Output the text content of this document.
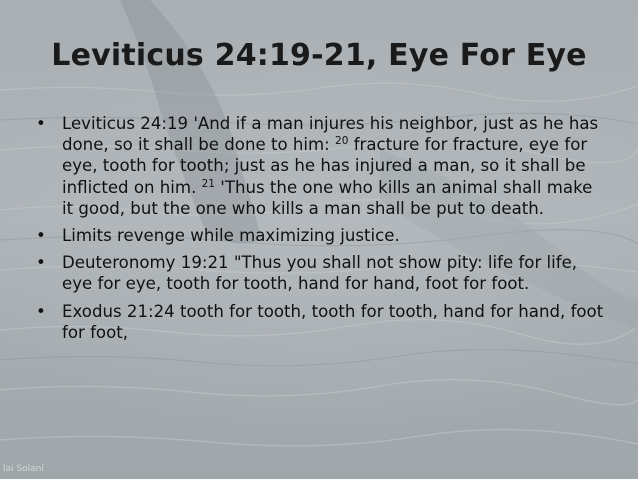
Leviticus 24:19-21, Eye For Eye
• Leviticus 24:19 'And if a man injures his neighbor, just as he has done, so it shall be done to him: $^{20}$ fracture for fracture, eye for eye, tooth for tooth; just as he has injured a man, so it shall be inflicted on him. $^{21}$ 'Thus the one who kills an animal shall make it good, but the one who kills a man shall be put to death.
• Limits revenge while maximizing justice.
• Deuteronomy 19:21 "Thus you shall not show pity: life for life, eye for eye, tooth for tooth, hand for hand, foot for foot.
• Exodus 21:24 tooth for tooth, tooth for tooth, hand for hand, foot for foot,
lai Solaní
